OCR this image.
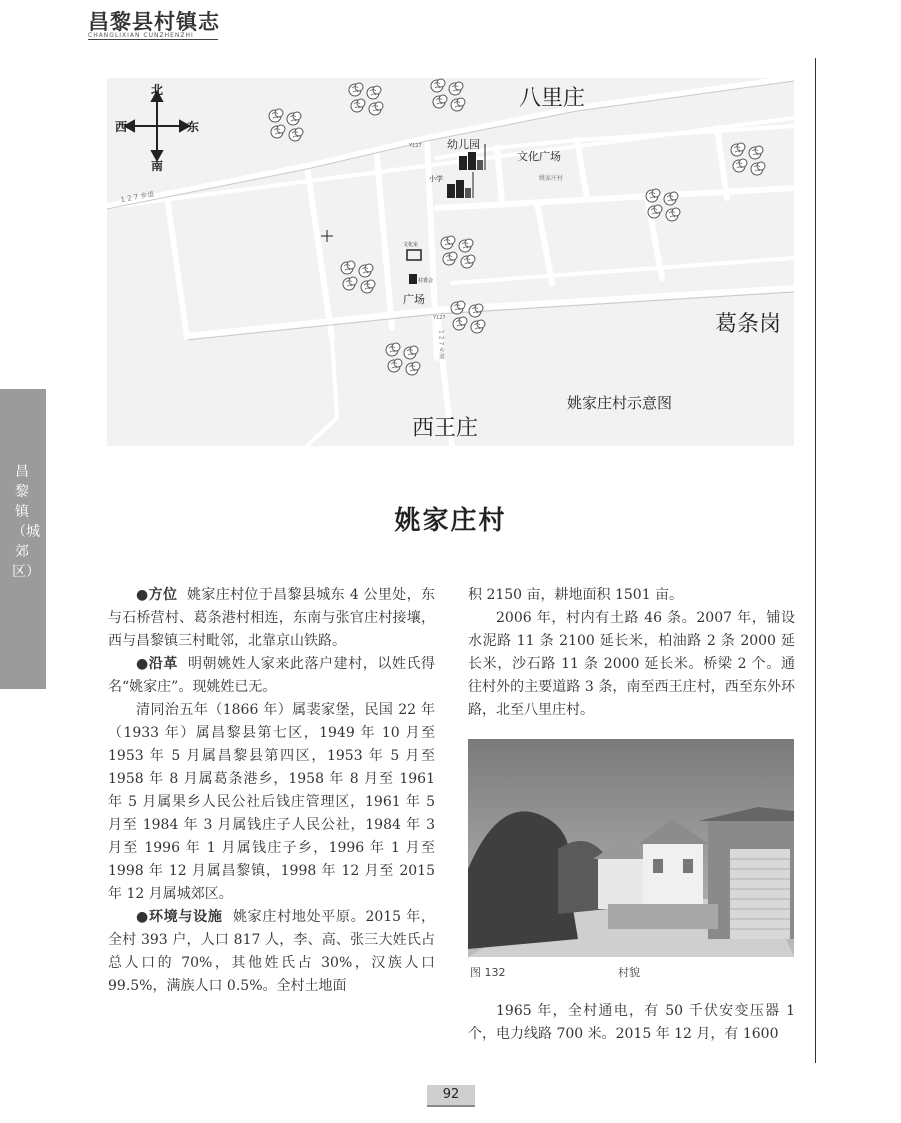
昌黎县村镇志
CHANGLIXIAN CUNZHENZHI
北
南
西	东
八里庄
葛条岗
西王庄
幼儿园
文化广场
小学
广场
姚家庄村
Y127
Y127
1 2 7 乡道
1 2 7 乡道
文化室
村委会
姚家庄村示意图
昌黎镇（城郊区）
姚家庄村

●方位 姚家庄村位于昌黎县城东 4 公里处，东与石桥营村、葛条港村相连，东南与张官庄村接壤，西与昌黎镇三村毗邻，北靠京山铁路。

●沿革 明朝姚姓人家来此落户建村，以姓氏得名“姚家庄”。现姚姓已无。

清同治五年（1866 年）属裴家堡，民国 22 年（1933 年）属昌黎县第七区，1949 年 10 月至 1953 年 5 月属昌黎县第四区，1953 年 5 月至 1958 年 8 月属葛条港乡，1958 年 8 月至 1961 年 5 月属果乡人民公社后钱庄管理区，1961 年 5 月至 1984 年 3 月属钱庄子人民公社，1984 年 3 月至 1996 年 1 月属钱庄子乡，1996 年 1 月至 1998 年 12 月属昌黎镇，1998 年 12 月至 2015 年 12 月属城郊区。

●环境与设施 姚家庄村地处平原。2015 年，全村 393 户，人口 817 人，李、高、张三大姓氏占总人口的 70%，其他姓氏占 30%，汉族人口 99.5%，满族人口 0.5%。全村土地面

积 2150 亩，耕地面积 1501 亩。

2006 年，村内有土路 46 条。2007 年，铺设水泥路 11 条 2100 延长米，柏油路 2 条 2000 延长米，沙石路 11 条 2000 延长米。桥梁 2 个。通往村外的主要道路 3 条，南至西王庄村，西至东外环路，北至八里庄村。

图 132	村貌

1965 年，全村通电，有 50 千伏安变压器 1 个，电力线路 700 米。2015 年 12 月，有 1600

92
